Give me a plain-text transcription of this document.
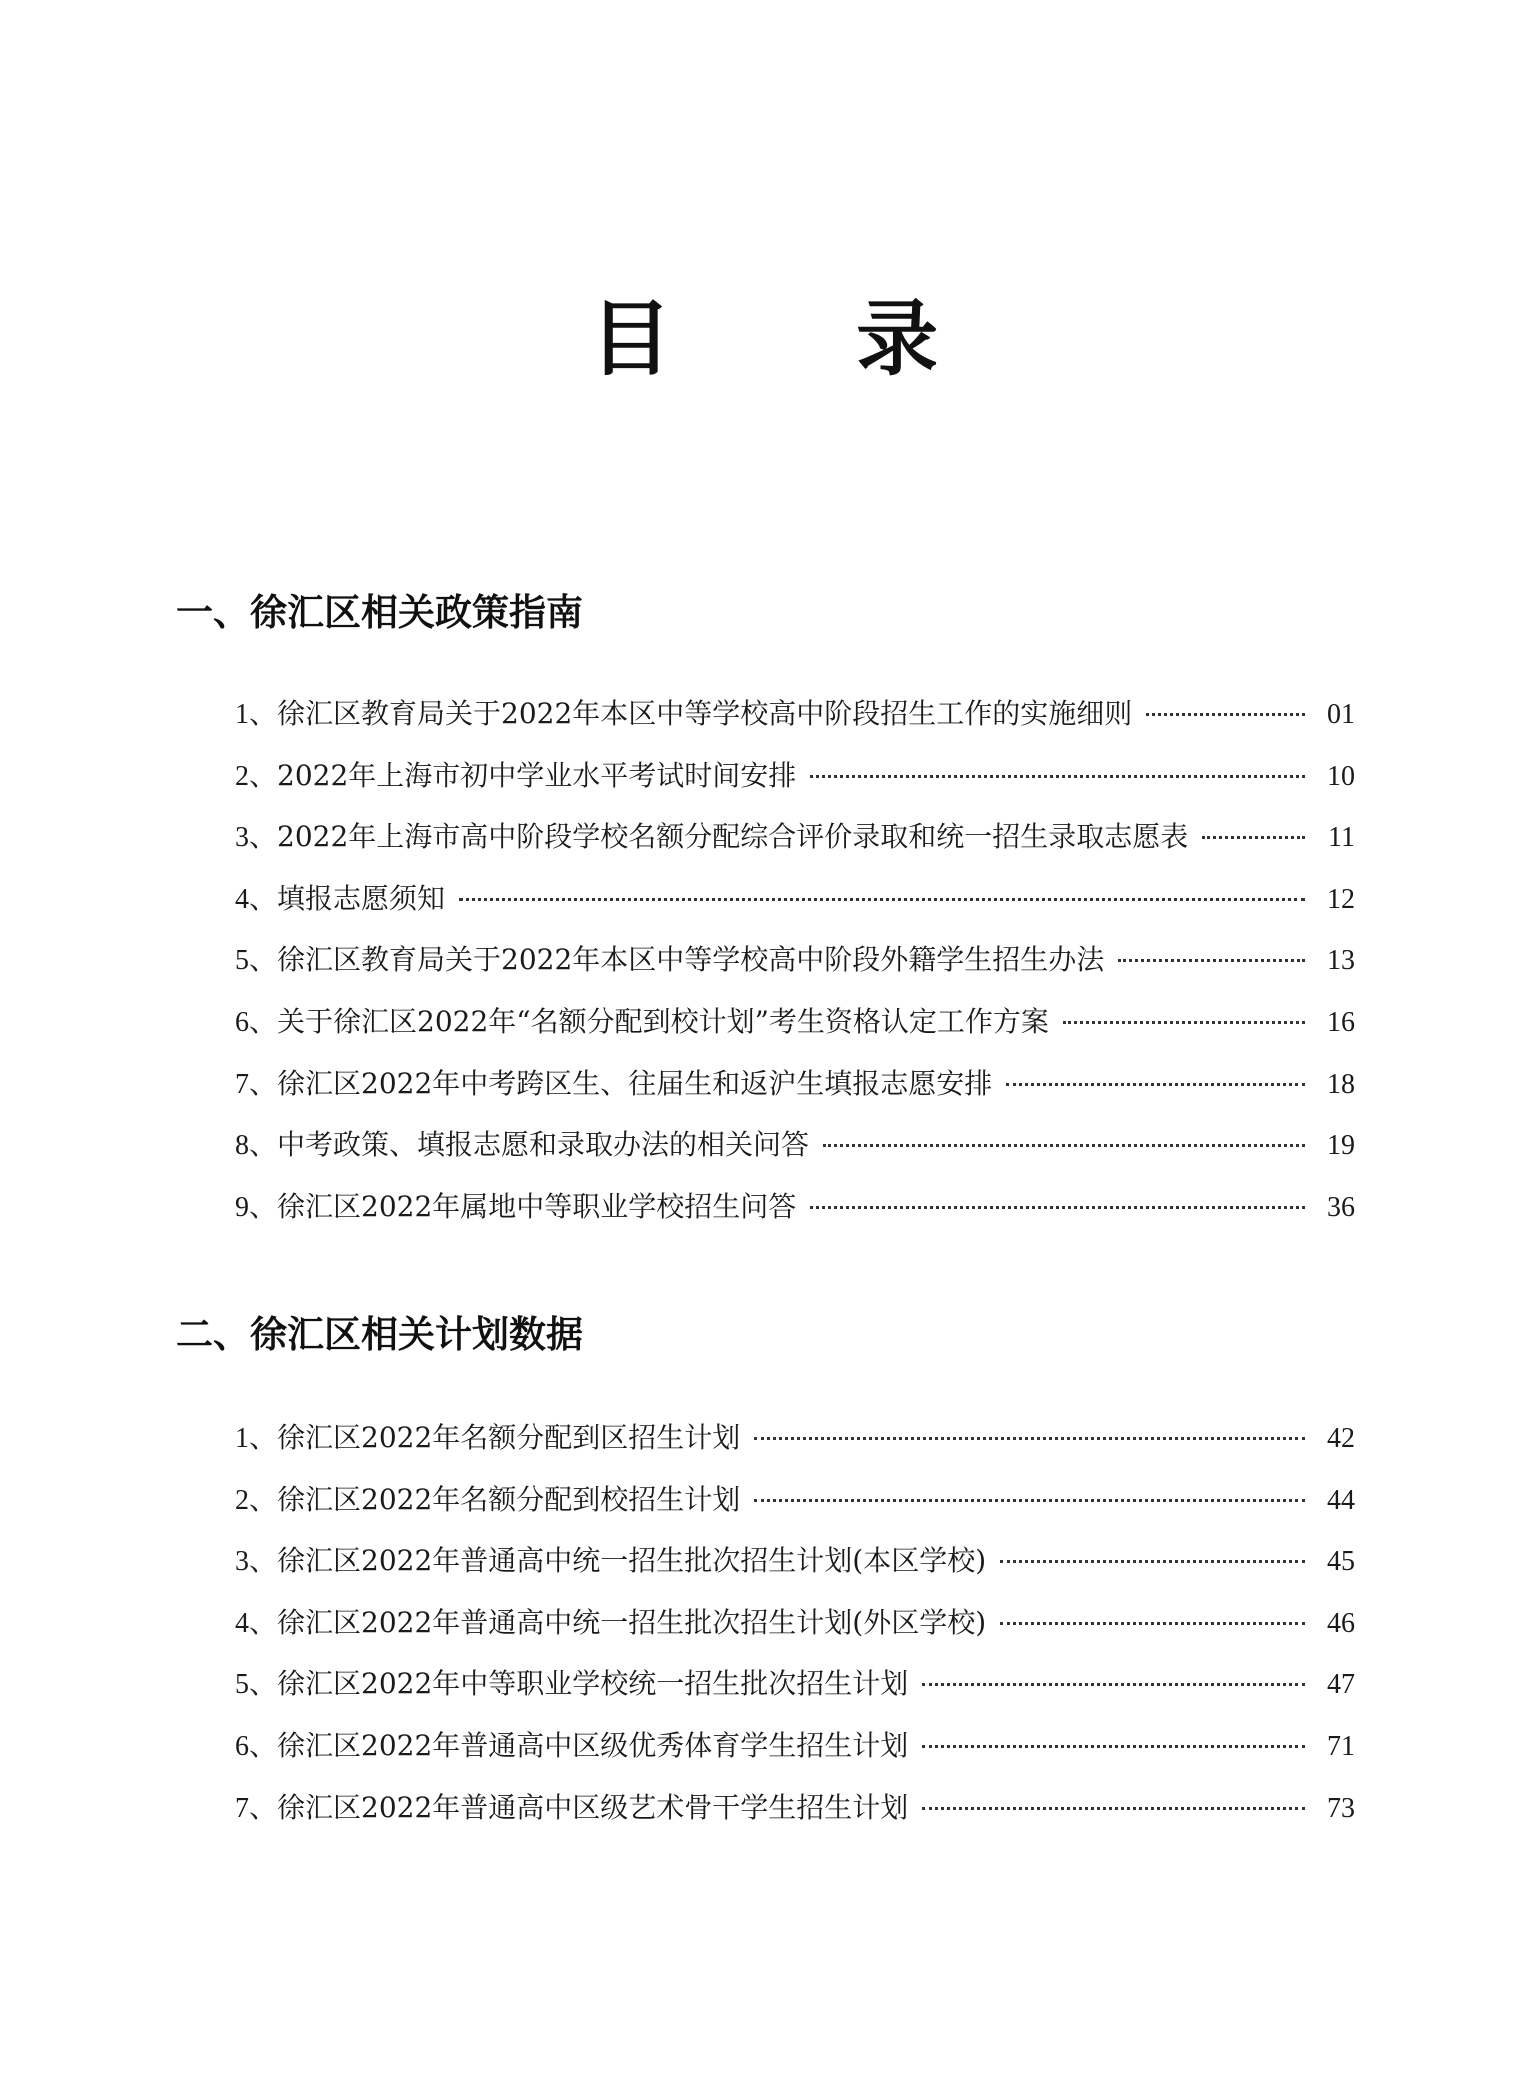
目 录
一、徐汇区相关政策指南
1、 徐汇区教育局关于2022年本区中等学校高中阶段招生工作的实施细则	01
2、 2022年上海市初中学业水平考试时间安排	10
3、 2022年上海市高中阶段学校名额分配综合评价录取和统一招生录取志愿表	11
4、 填报志愿须知	12
5、 徐汇区教育局关于2022年本区中等学校高中阶段外籍学生招生办法	13
6、 关于徐汇区2022年“名额分配到校计划”考生资格认定工作方案	16
7、 徐汇区2022年中考跨区生、往届生和返沪生填报志愿安排	18
8、 中考政策、填报志愿和录取办法的相关问答	19
9、 徐汇区2022年属地中等职业学校招生问答	36
二、徐汇区相关计划数据
1、 徐汇区2022年名额分配到区招生计划	42
2、 徐汇区2022年名额分配到校招生计划	44
3、 徐汇区2022年普通高中统一招生批次招生计划(本区学校)	45
4、 徐汇区2022年普通高中统一招生批次招生计划(外区学校)	46
5、 徐汇区2022年中等职业学校统一招生批次招生计划	47
6、 徐汇区2022年普通高中区级优秀体育学生招生计划	71
7、 徐汇区2022年普通高中区级艺术骨干学生招生计划	73
